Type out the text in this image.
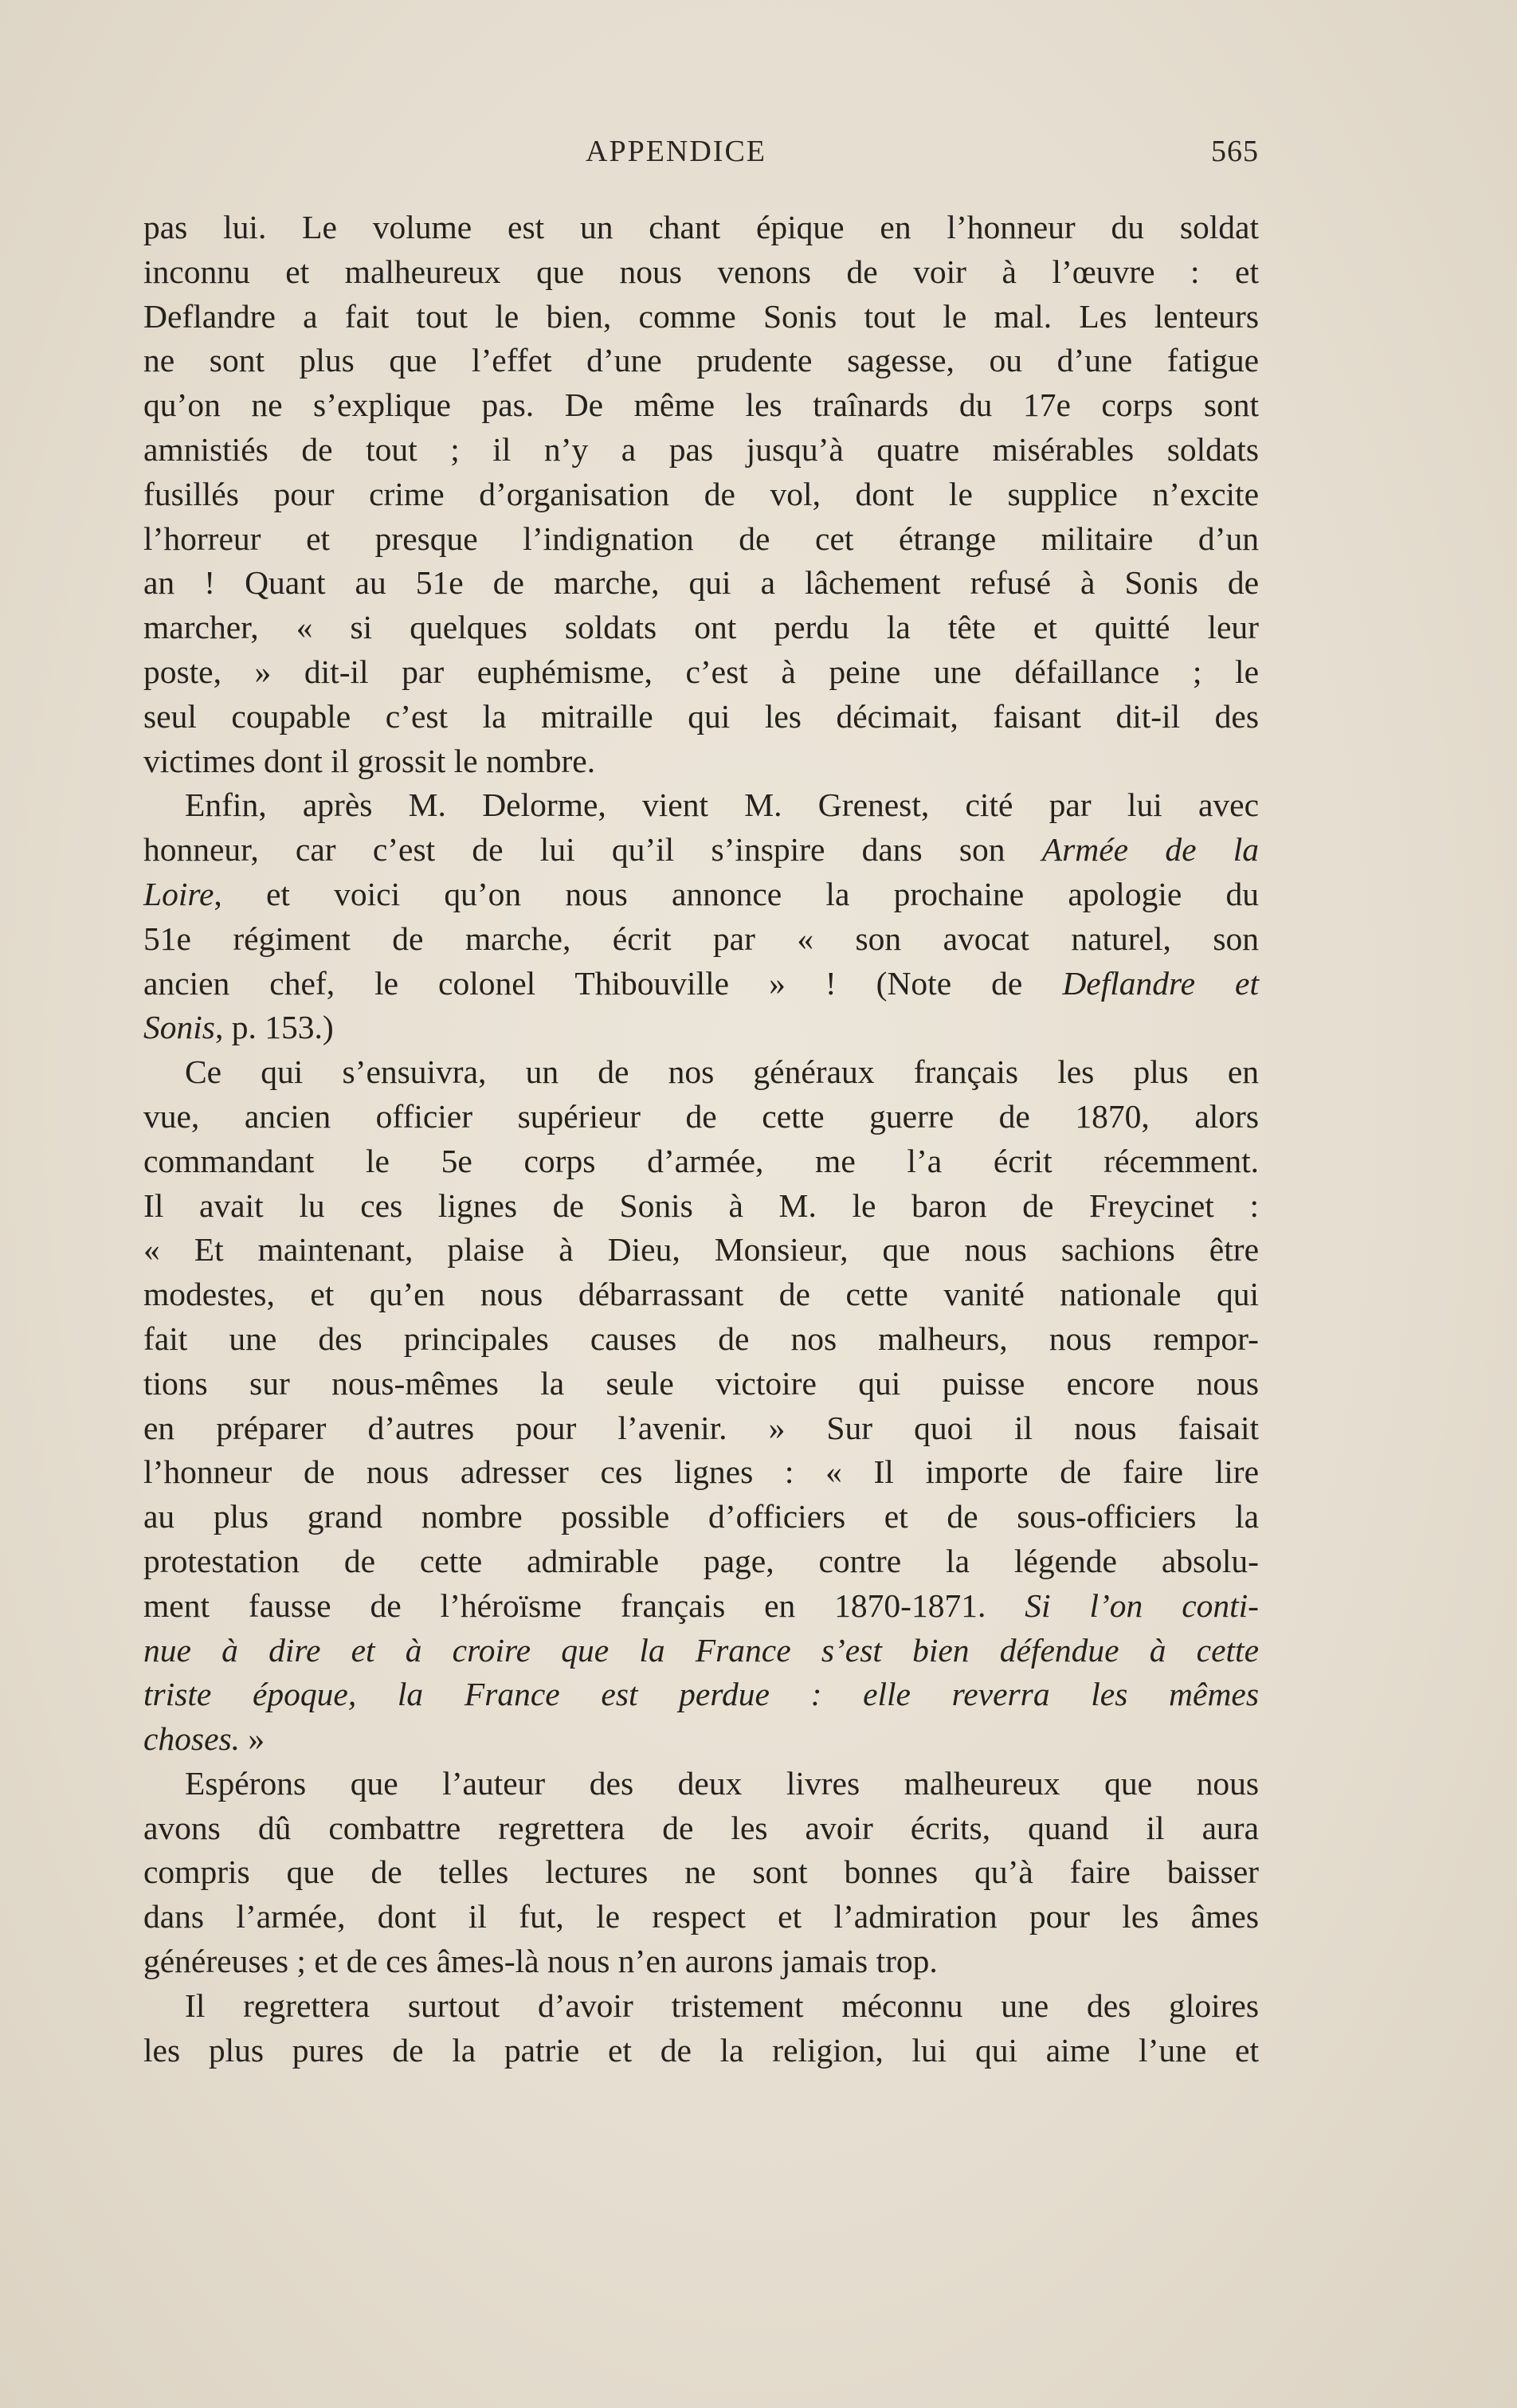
APPENDICE	565
pas lui. Le volume est un chant épique en l’honneur du soldat
inconnu et malheureux que nous venons de voir à l’œuvre : et
Deflandre a fait tout le bien, comme Sonis tout le mal. Les lenteurs
ne sont plus que l’effet d’une prudente sagesse, ou d’une fatigue
qu’on ne s’explique pas. De même les traînards du 17e corps sont
amnistiés de tout ; il n’y a pas jusqu’à quatre misérables soldats
fusillés pour crime d’organisation de vol, dont le supplice n’excite
l’horreur et presque l’indignation de cet étrange militaire d’un
an ! Quant au 51e de marche, qui a lâchement refusé à Sonis de
marcher, « si quelques soldats ont perdu la tête et quitté leur
poste, » dit-il par euphémisme, c’est à peine une défaillance ; le
seul coupable c’est la mitraille qui les décimait, faisant dit-il des
victimes dont il grossit le nombre.
Enfin, après M. Delorme, vient M. Grenest, cité par lui avec
honneur, car c’est de lui qu’il s’inspire dans son Armée de la
Loire, et voici qu’on nous annonce la prochaine apologie du
51e régiment de marche, écrit par « son avocat naturel, son
ancien chef, le colonel Thibouville » ! (Note de Deflandre et
Sonis, p. 153.)
Ce qui s’ensuivra, un de nos généraux français les plus en
vue, ancien officier supérieur de cette guerre de 1870, alors
commandant le 5e corps d’armée, me l’a écrit récemment.
Il avait lu ces lignes de Sonis à M. le baron de Freycinet :
« Et maintenant, plaise à Dieu, Monsieur, que nous sachions être
modestes, et qu’en nous débarrassant de cette vanité nationale qui
fait une des principales causes de nos malheurs, nous rempor-
tions sur nous-mêmes la seule victoire qui puisse encore nous
en préparer d’autres pour l’avenir. » Sur quoi il nous faisait
l’honneur de nous adresser ces lignes : « Il importe de faire lire
au plus grand nombre possible d’officiers et de sous-officiers la
protestation de cette admirable page, contre la légende absolu-
ment fausse de l’héroïsme français en 1870-1871. Si l’on conti-
nue à dire et à croire que la France s’est bien défendue à cette
triste époque, la France est perdue : elle reverra les mêmes
choses. »
Espérons que l’auteur des deux livres malheureux que nous
avons dû combattre regrettera de les avoir écrits, quand il aura
compris que de telles lectures ne sont bonnes qu’à faire baisser
dans l’armée, dont il fut, le respect et l’admiration pour les âmes
généreuses ; et de ces âmes-là nous n’en aurons jamais trop.
Il regrettera surtout d’avoir tristement méconnu une des gloires
les plus pures de la patrie et de la religion, lui qui aime l’une et
